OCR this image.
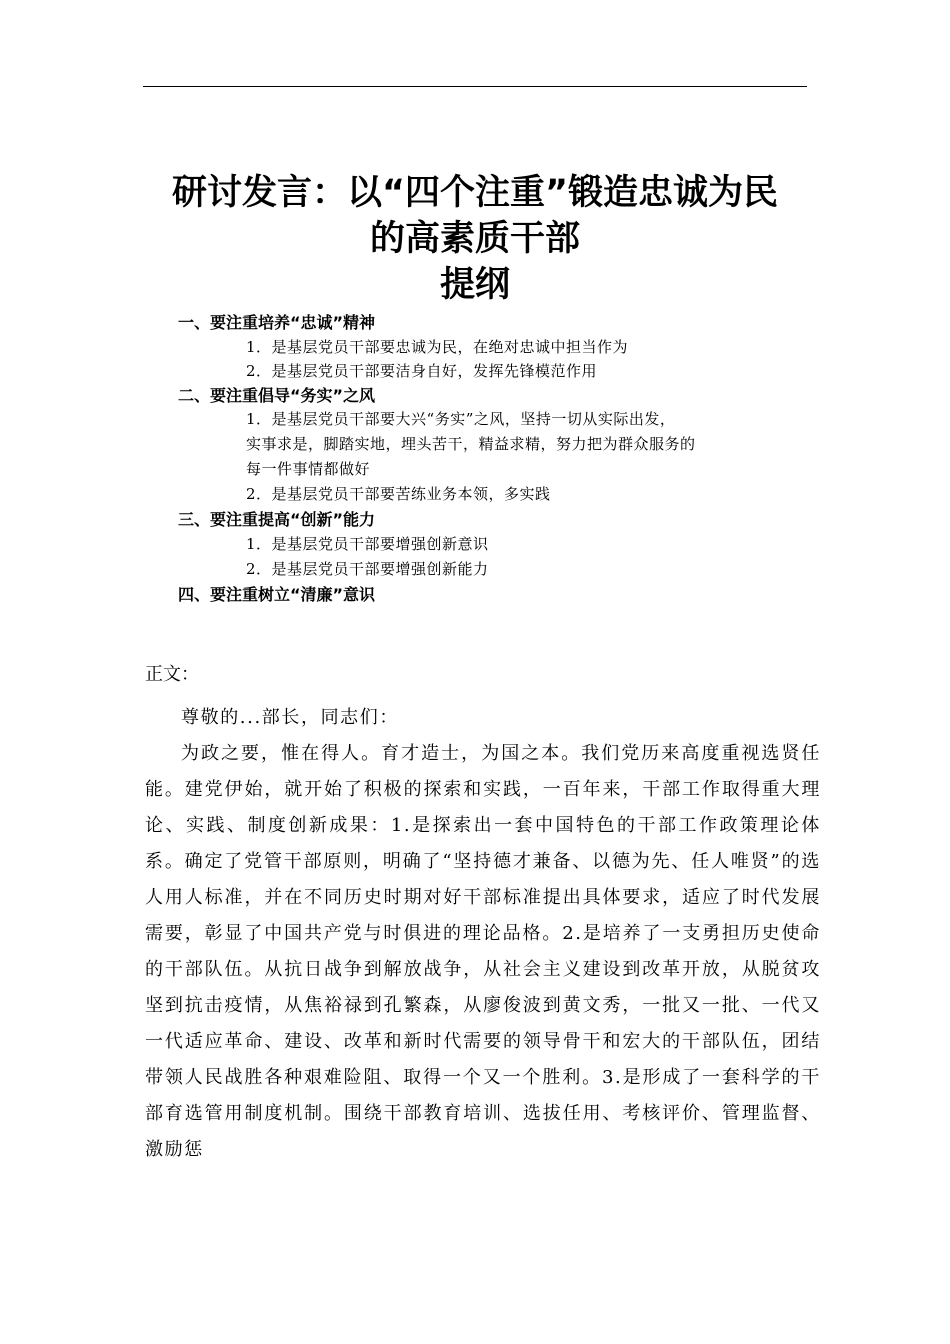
研讨发言：以“四个注重”锻造忠诚为民
的高素质干部
提纲
一、要注重培养“忠诚”精神
1．是基层党员干部要忠诚为民，在绝对忠诚中担当作为
2．是基层党员干部要洁身自好，发挥先锋模范作用
二、要注重倡导“务实”之风
1．是基层党员干部要大兴“务实”之风，坚持一切从实际出发，
实事求是，脚踏实地，埋头苦干，精益求精，努力把为群众服务的
每一件事情都做好
2．是基层党员干部要苦练业务本领，多实践
三、要注重提高“创新”能力
1．是基层党员干部要增强创新意识
2．是基层党员干部要增强创新能力
四、要注重树立“清廉”意识
正文：

尊敬的...部长，同志们：

为政之要，惟在得人。育才造士，为国之本。我们党历来高度重视选贤任能。建党伊始，就开始了积极的探索和实践，一百年来，干部工作取得重大理论、实践、制度创新成果：1.是探索出一套中国特色的干部工作政策理论体系。确定了党管干部原则，明确了“坚持德才兼备、以德为先、任人唯贤”的选人用人标准，并在不同历史时期对好干部标准提出具体要求，适应了时代发展需要，彰显了中国共产党与时俱进的理论品格。2.是培养了一支勇担历史使命的干部队伍。从抗日战争到解放战争，从社会主义建设到改革开放，从脱贫攻坚到抗击疫情，从焦裕禄到孔繁森，从廖俊波到黄文秀，一批又一批、一代又一代适应革命、建设、改革和新时代需要的领导骨干和宏大的干部队伍，团结带领人民战胜各种艰难险阻、取得一个又一个胜利。3.是形成了一套科学的干部育选管用制度机制。围绕干部教育培训、选拔任用、考核评价、管理监督、激励惩
